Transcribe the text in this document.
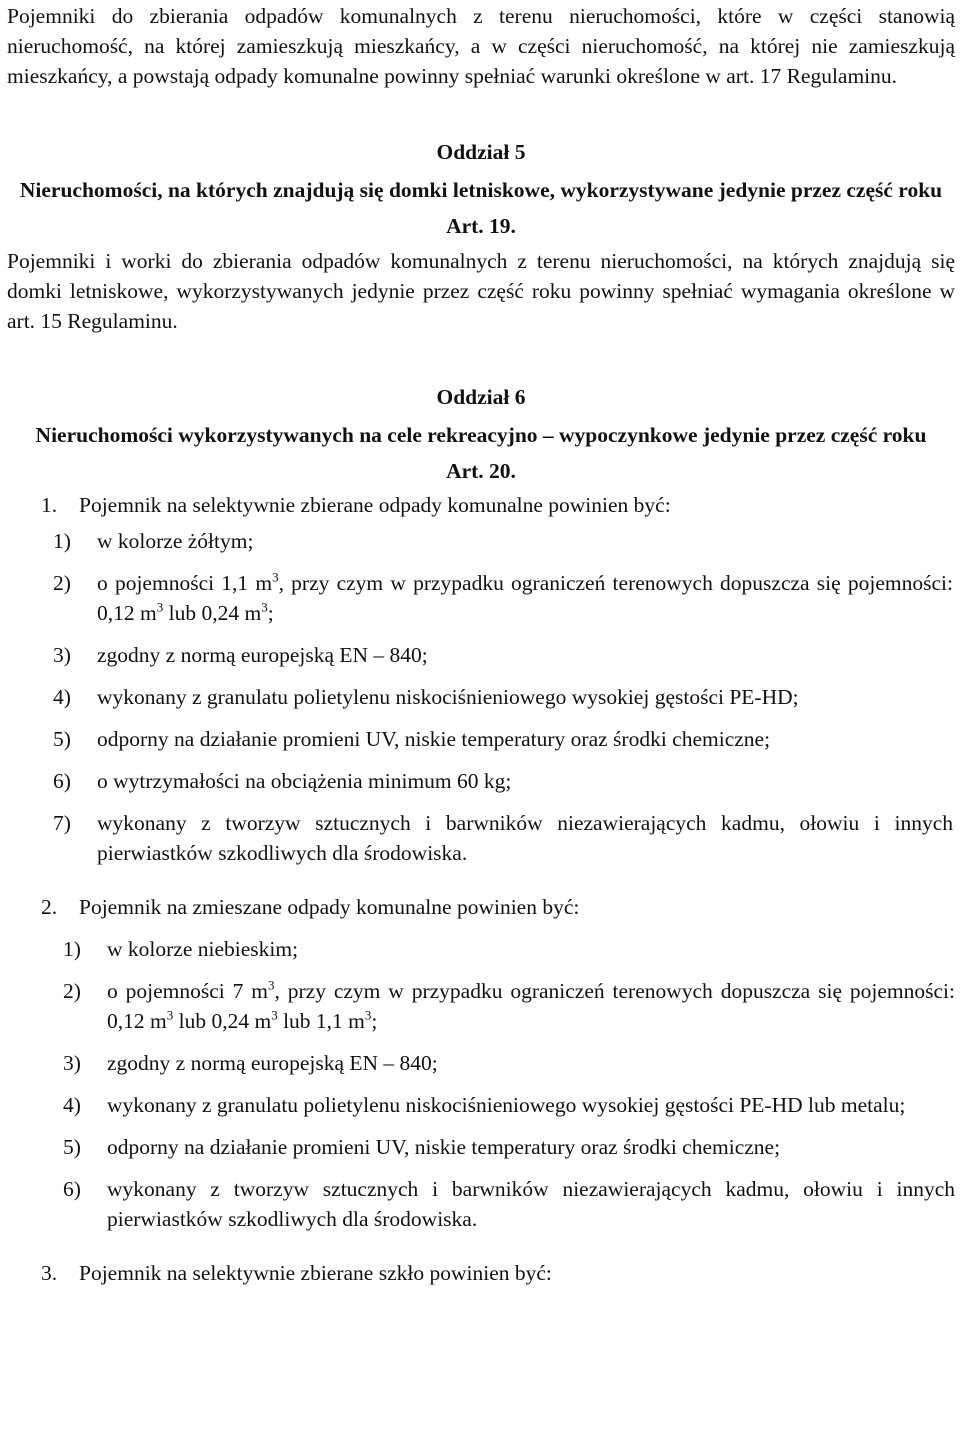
Pojemniki do zbierania odpadów komunalnych z terenu nieruchomości, które w części stanowią nieruchomość, na której zamieszkują mieszkańcy, a w części nieruchomość, na której nie zamieszkują mieszkańcy, a powstają odpady komunalne powinny spełniać warunki określone w art. 17 Regulaminu.

Oddział 5

Nieruchomości, na których znajdują się domki letniskowe, wykorzystywane jedynie przez część roku

Art. 19.

Pojemniki i worki do zbierania odpadów komunalnych z terenu nieruchomości, na których znajdują się domki letniskowe, wykorzystywanych jedynie przez część roku powinny spełniać wymagania określone w art. 15 Regulaminu.

Oddział 6

Nieruchomości wykorzystywanych na cele rekreacyjno – wypoczynkowe jedynie przez część roku

Art. 20.

1. Pojemnik na selektywnie zbierane odpady komunalne powinien być:

1)	w kolorze żółtym;
2)	o pojemności 1,1 $m^3$, przy czym w przypadku ograniczeń terenowych dopuszcza się pojemności: 0,12 $m^3$ lub 0,24 $m^3$;
3)	zgodny z normą europejską EN – 840;
4)	wykonany z granulatu polietylenu niskociśnieniowego wysokiej gęstości PE-HD;
5)	odporny na działanie promieni UV, niskie temperatury oraz środki chemiczne;
6)	o wytrzymałości na obciążenia minimum 60 kg;
7)	wykonany z tworzyw sztucznych i barwników niezawierających kadmu, ołowiu i innych pierwiastków szkodliwych dla środowiska.

2. Pojemnik na zmieszane odpady komunalne powinien być:

1)	w kolorze niebieskim;
2)	o pojemności 7 $m^3$, przy czym w przypadku ograniczeń terenowych dopuszcza się pojemności: 0,12 $m^3$ lub 0,24 $m^3$ lub 1,1 $m^3$;
3)	zgodny z normą europejską EN – 840;
4)	wykonany z granulatu polietylenu niskociśnieniowego wysokiej gęstości PE-HD lub metalu;
5)	odporny na działanie promieni UV, niskie temperatury oraz środki chemiczne;
6)	wykonany z tworzyw sztucznych i barwników niezawierających kadmu, ołowiu i innych pierwiastków szkodliwych dla środowiska.

3. Pojemnik na selektywnie zbierane szkło powinien być:
